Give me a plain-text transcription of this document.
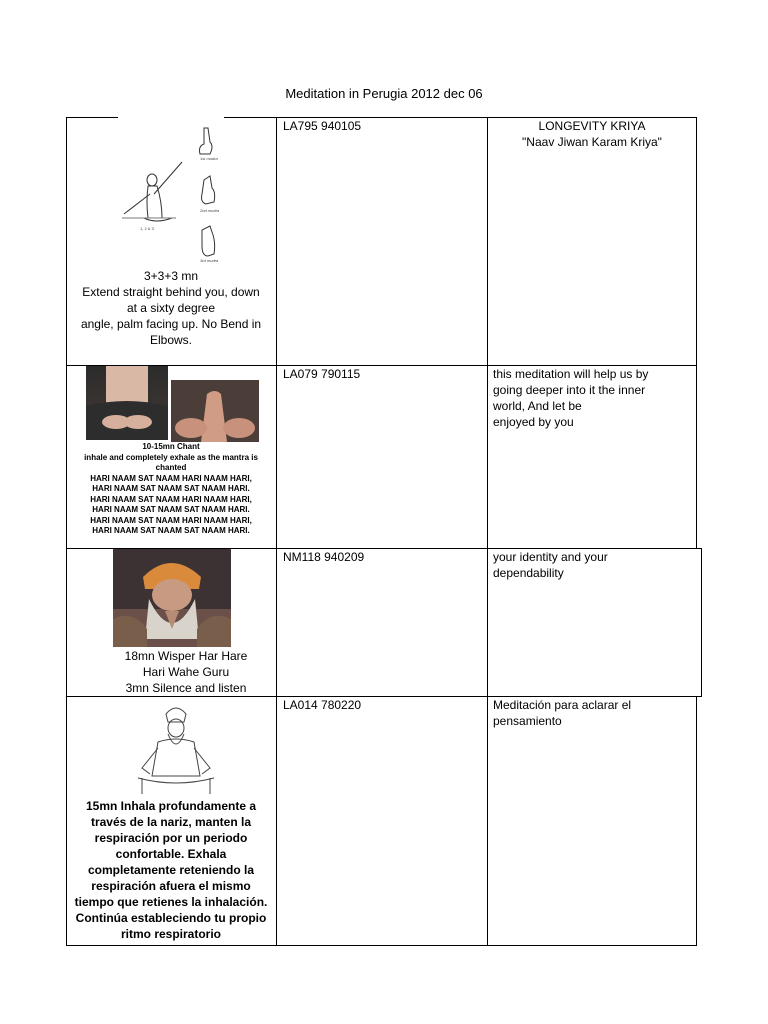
Meditation in Perugia 2012 dec 06
1st mudra
2nd mudra
3rd mudra
1, 2 & 3
3+3+3 mn
Extend straight behind you, down
at a sixty degree
angle, palm facing up. No Bend in
Elbows.
LA795 940105	LONGEVITY KRIYA
"Naav Jiwan Karam Kriya"
10-15mn Chant
inhale and completely exhale as the mantra is
chanted
HARI NAAM SAT NAAM HARI NAAM HARI,
HARI NAAM SAT NAAM SAT NAAM HARI.
HARI NAAM SAT NAAM HARI NAAM HARI,
HARI NAAM SAT NAAM SAT NAAM HARI.
HARI NAAM SAT NAAM HARI NAAM HARI,
HARI NAAM SAT NAAM SAT NAAM HARI.
LA079 790115	this meditation will help us by
going deeper into it the inner
world, And let be
enjoyed by you
18mn Wisper Har Hare
Hari Wahe Guru
3mn Silence and listen
NM118 940209	your identity and your
dependability
15mn Inhala profundamente a
través de la nariz, manten la
respiración por un periodo
confortable. Exhala
completamente reteniendo la
respiración afuera el mismo
tiempo que retienes la inhalación.
Continúa estableciendo tu propio
ritmo respiratorio
LA014 780220	Meditación para aclarar el
pensamiento
